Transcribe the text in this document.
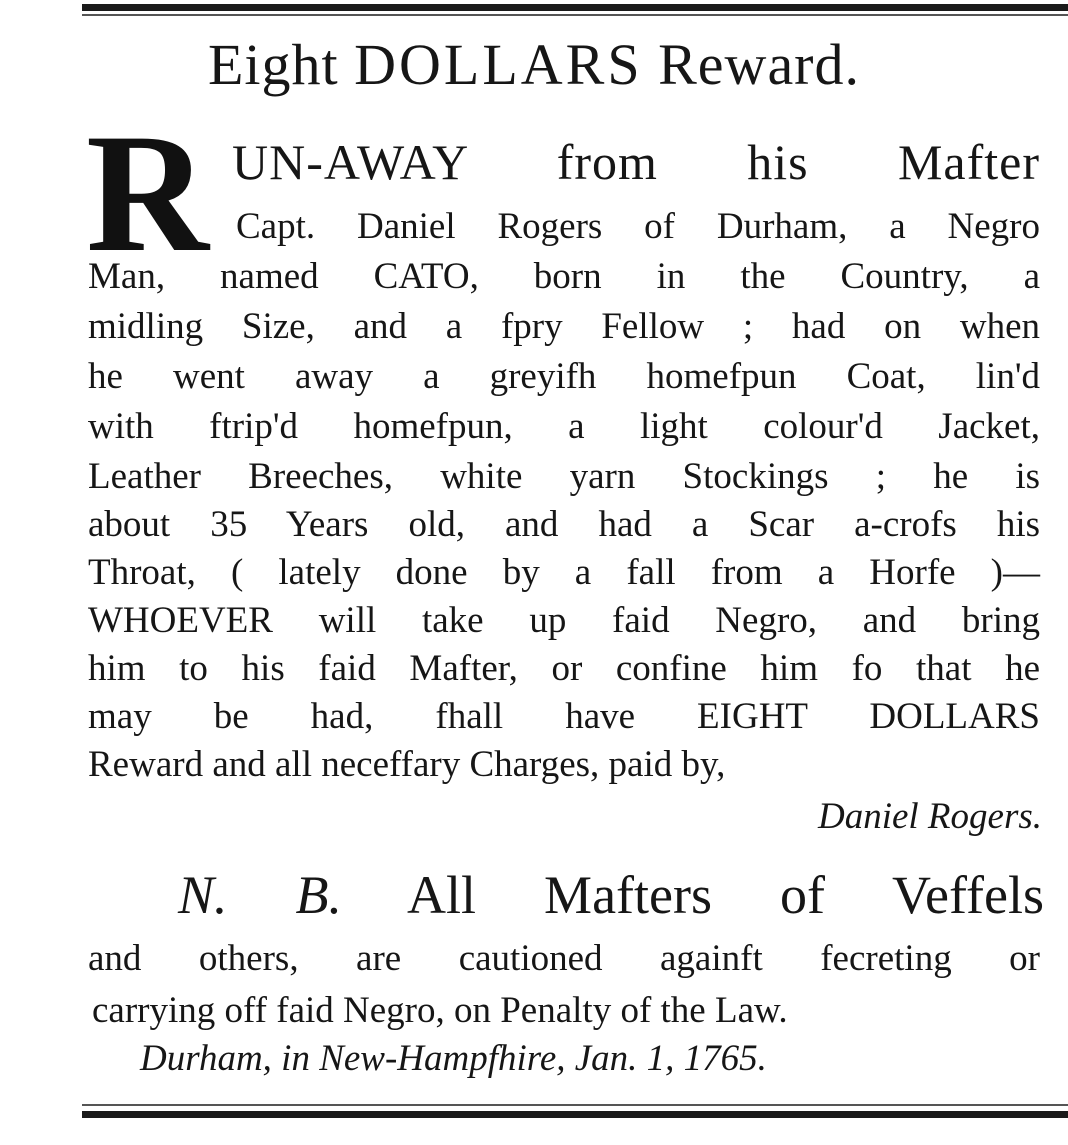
Eight DOLLARS Reward.
R UN-AWAY from his Mafter
Capt. Daniel Rogers of Durham, a Negro
Man, named CATO, born in the Country, a
midling Size, and a fpry Fellow ; had on when
he went away a greyifh homefpun Coat, lin'd
with ftrip'd homefpun, a light colour'd Jacket,
Leather Breeches, white yarn Stockings ; he is
about 35 Years old, and had a Scar a-crofs his
Throat, ( lately done by a fall from a Horfe )—
WHOEVER will take up faid Negro, and bring
him to his faid Mafter, or confine him fo that he
may be had, fhall have EIGHT DOLLARS
Reward and all neceffary Charges, paid by,
Daniel Rogers.
N. B. All Mafters of Veffels
and others, are cautioned againft fecreting or
carrying off faid Negro, on Penalty of the Law.
Durham, in New-Hampfhire, Jan. 1, 1765.
